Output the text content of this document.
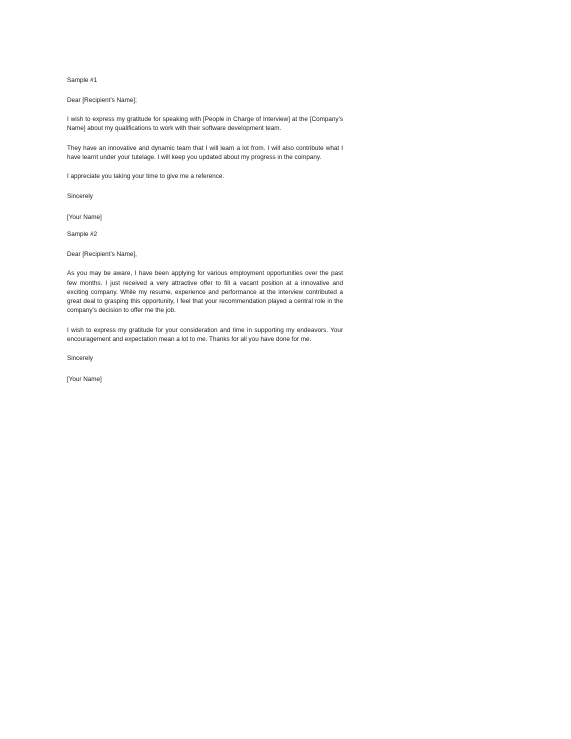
Sample #1

Dear [Recipient’s Name];

I wish to express my gratitude for speaking with [People in Charge of Interview] at the [Company’s Name] about my qualifications to work with their software development team.

They have an innovative and dynamic team that I will learn a lot from. I will also contribute what I have learnt under your tutelage. I will keep you updated about my progress in the company.

I appreciate you taking your time to give me a reference.

Sincerely

[Your Name]

Sample #2

Dear [Recipient’s Name],

As you may be aware, I have been applying for various employment opportunities over the past few months. I just received a very attractive offer to fill a vacant position at a innovative and exciting company. While my resume, experience and performance at the interview contributed a great deal to grasping this opportunity, I feel that your recommendation played a central role in the company's decision to offer me the job.

I wish to express my gratitude for your consideration and time in supporting my endeavors. Your encouragement and expectation mean a lot to me. Thanks for all you have done for me.

Sincerely

[Your Name]
